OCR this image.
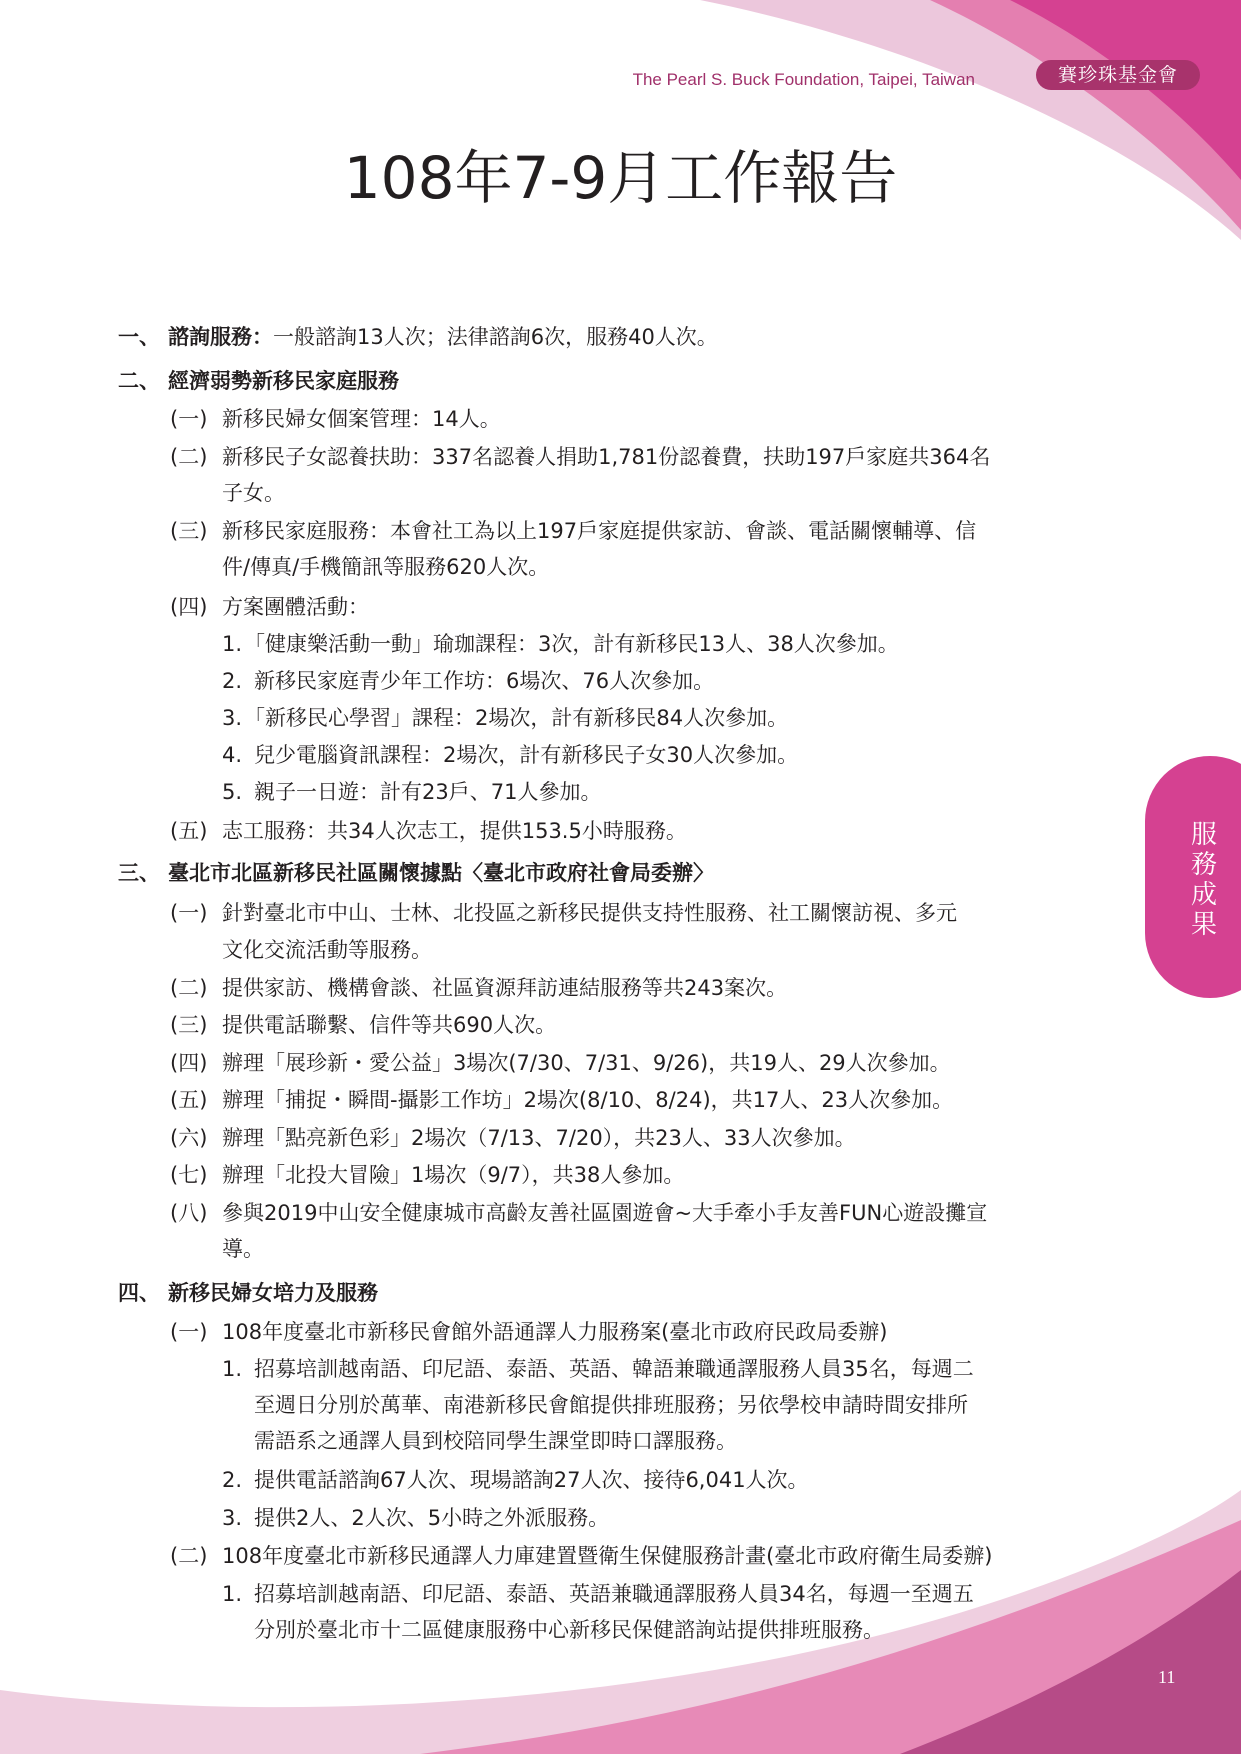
The Pearl S. Buck Foundation, Taipei, Taiwan	賽珍珠基金會
108年7-9月工作報告
服務成果
11
一、 諮詢服務：一般諮詢13人次；法律諮詢6次，服務40人次。
二、 經濟弱勢新移民家庭服務
(一) 新移民婦女個案管理：14人。
(二) 新移民子女認養扶助：337名認養人捐助1,781份認養費，扶助197戶家庭共364名
子女。
(三) 新移民家庭服務：本會社工為以上197戶家庭提供家訪、會談、電話關懷輔導、信
件/傳真/手機簡訊等服務620人次。
(四) 方案團體活動：
1. 「健康樂活動一動」瑜珈課程：3次，計有新移民13人、38人次參加。
2. 新移民家庭青少年工作坊：6場次、76人次參加。
3. 「新移民心學習」課程：2場次，計有新移民84人次參加。
4. 兒少電腦資訊課程：2場次，計有新移民子女30人次參加。
5. 親子一日遊：計有23戶、71人參加。
(五) 志工服務：共34人次志工，提供153.5小時服務。
三、 臺北市北區新移民社區關懷據點〈臺北市政府社會局委辦〉
(一) 針對臺北市中山、士林、北投區之新移民提供支持性服務、社工關懷訪視、多元
文化交流活動等服務。
(二) 提供家訪、機構會談、社區資源拜訪連結服務等共243案次。
(三) 提供電話聯繫、信件等共690人次。
(四) 辦理「展珍新・愛公益」3場次(7/30、7/31、9/26)，共19人、29人次參加。
(五) 辦理「捕捉・瞬間-攝影工作坊」2場次(8/10、8/24)，共17人、23人次參加。
(六) 辦理「點亮新色彩」2場次（7/13、7/20），共23人、33人次參加。
(七) 辦理「北投大冒險」1場次（9/7），共38人參加。
(八) 參與2019中山安全健康城市高齡友善社區園遊會~大手牽小手友善FUN心遊設攤宣
導。
四、 新移民婦女培力及服務
(一) 108年度臺北市新移民會館外語通譯人力服務案(臺北市政府民政局委辦)
1. 招募培訓越南語、印尼語、泰語、英語、韓語兼職通譯服務人員35名，每週二
至週日分別於萬華、南港新移民會館提供排班服務；另依學校申請時間安排所
需語系之通譯人員到校陪同學生課堂即時口譯服務。
2. 提供電話諮詢67人次、現場諮詢27人次、接待6,041人次。
3. 提供2人、2人次、5小時之外派服務。
(二) 108年度臺北市新移民通譯人力庫建置暨衛生保健服務計畫(臺北市政府衛生局委辦)
1. 招募培訓越南語、印尼語、泰語、英語兼職通譯服務人員34名，每週一至週五
分別於臺北市十二區健康服務中心新移民保健諮詢站提供排班服務。
